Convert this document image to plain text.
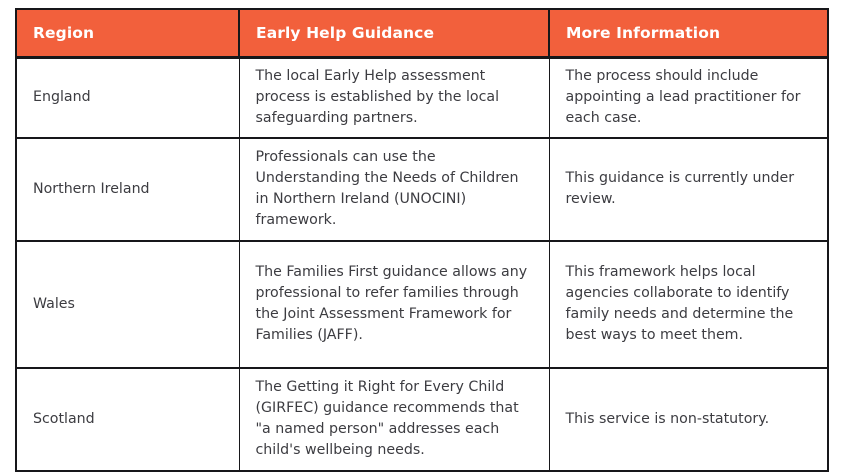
Region	Early Help Guidance	More Information

England	The local Early Help assessment process is established by the local safeguarding partners.	The process should include appointing a lead practitioner for each case.

Northern Ireland	Professionals can use the Understanding the Needs of Children in Northern Ireland (UNOCINI) framework.	This guidance is currently under review.

Wales	The Families First guidance allows any professional to refer families through the Joint Assessment Framework for Families (JAFF).	This framework helps local agencies collaborate to identify family needs and determine the best ways to meet them.

Scotland	The Getting it Right for Every Child (GIRFEC) guidance recommends that "a named person" addresses each child's wellbeing needs.	This service is non-statutory.
